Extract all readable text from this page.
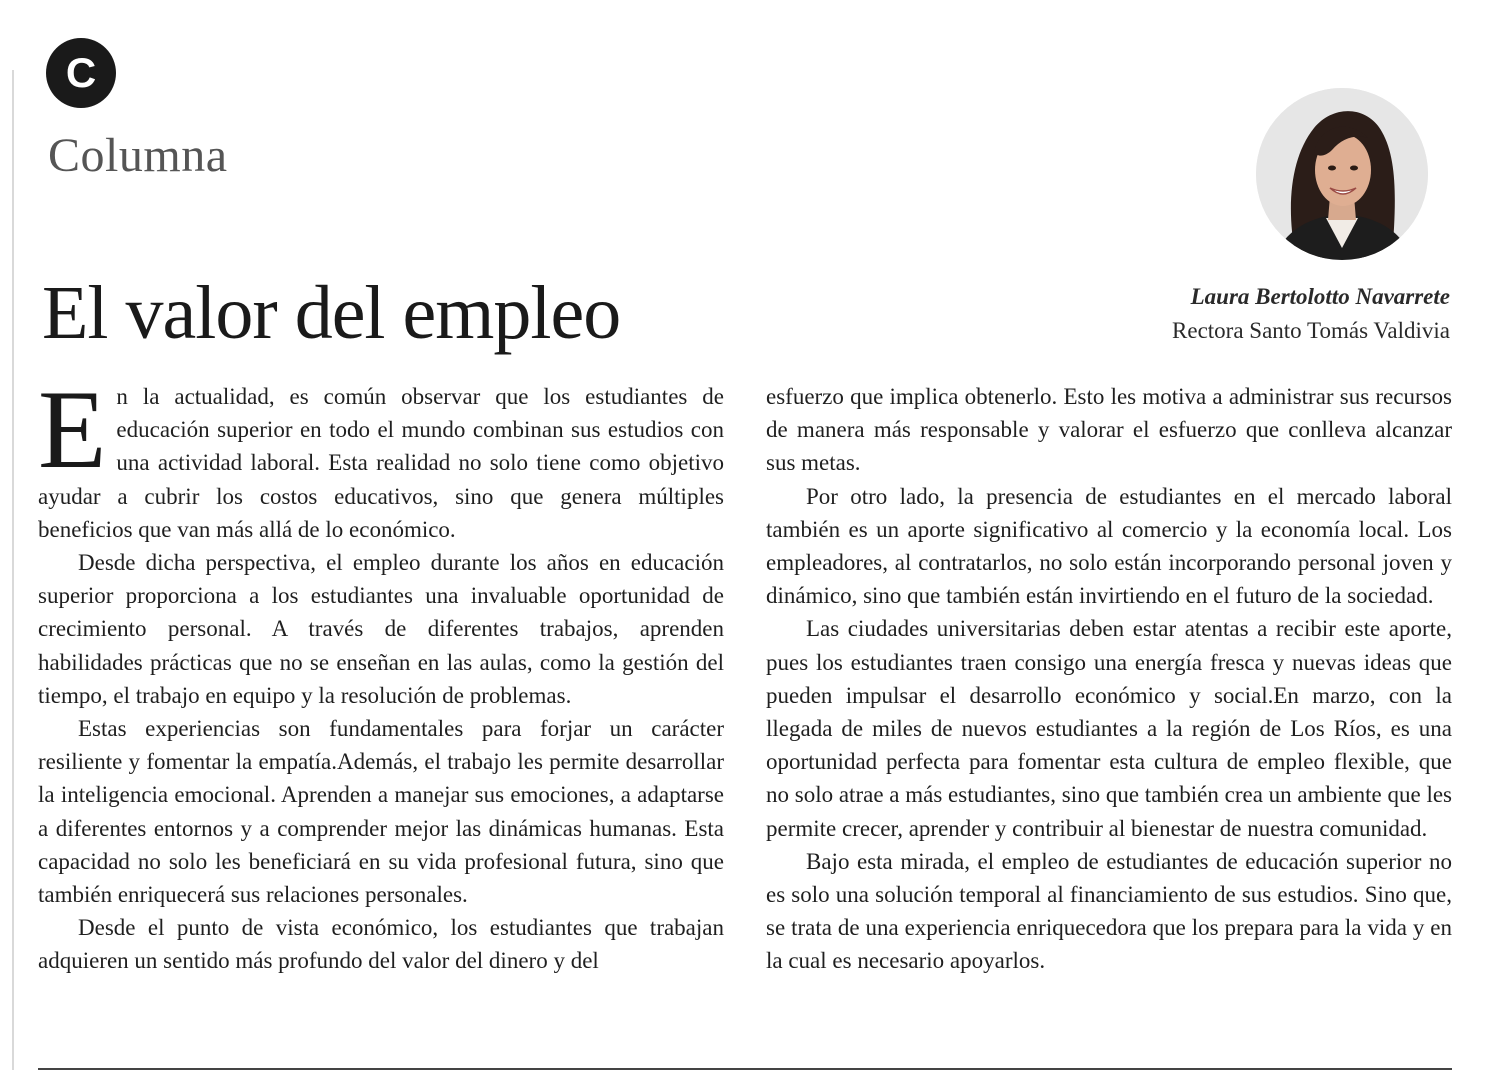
C
Columna
El valor del empleo	Laura Bertolotto Navarrete
Rectora Santo Tomás Valdivia

En la actualidad, es común observar que los estudiantes de educación superior en todo el mundo combinan sus estudios con una actividad laboral. Esta realidad no solo tiene como objetivo ayudar a cubrir los costos educativos, sino que genera múltiples beneficios que van más allá de lo económico.

Desde dicha perspectiva, el empleo durante los años en educación superior proporciona a los estudiantes una invaluable oportunidad de crecimiento personal. A través de diferentes trabajos, aprenden habilidades prácticas que no se enseñan en las aulas, como la gestión del tiempo, el trabajo en equipo y la resolución de problemas.

Estas experiencias son fundamentales para forjar un carácter resiliente y fomentar la empatía.Además, el trabajo les permite desarrollar la inteligencia emocional. Aprenden a manejar sus emociones, a adaptarse a diferentes entornos y a comprender mejor las dinámicas humanas. Esta capacidad no solo les beneficiará en su vida profesional futura, sino que también enriquecerá sus relaciones personales.

Desde el punto de vista económico, los estudiantes que trabajan adquieren un sentido más profundo del valor del dinero y del

esfuerzo que implica obtenerlo. Esto les motiva a administrar sus recursos de manera más responsable y valorar el esfuerzo que conlleva alcanzar sus metas.

Por otro lado, la presencia de estudiantes en el mercado laboral también es un aporte significativo al comercio y la economía local. Los empleadores, al contratarlos, no solo están incorporando personal joven y dinámico, sino que también están invirtiendo en el futuro de la sociedad.

Las ciudades universitarias deben estar atentas a recibir este aporte, pues los estudiantes traen consigo una energía fresca y nuevas ideas que pueden impulsar el desarrollo económico y social.En marzo, con la llegada de miles de nuevos estudiantes a la región de Los Ríos, es una oportunidad perfecta para fomentar esta cultura de empleo flexible, que no solo atrae a más estudiantes, sino que también crea un ambiente que les permite crecer, aprender y contribuir al bienestar de nuestra comunidad.

Bajo esta mirada, el empleo de estudiantes de educación superior no es solo una solución temporal al financiamiento de sus estudios. Sino que, se trata de una experiencia enriquecedora que los prepara para la vida y en la cual es necesario apoyarlos.
